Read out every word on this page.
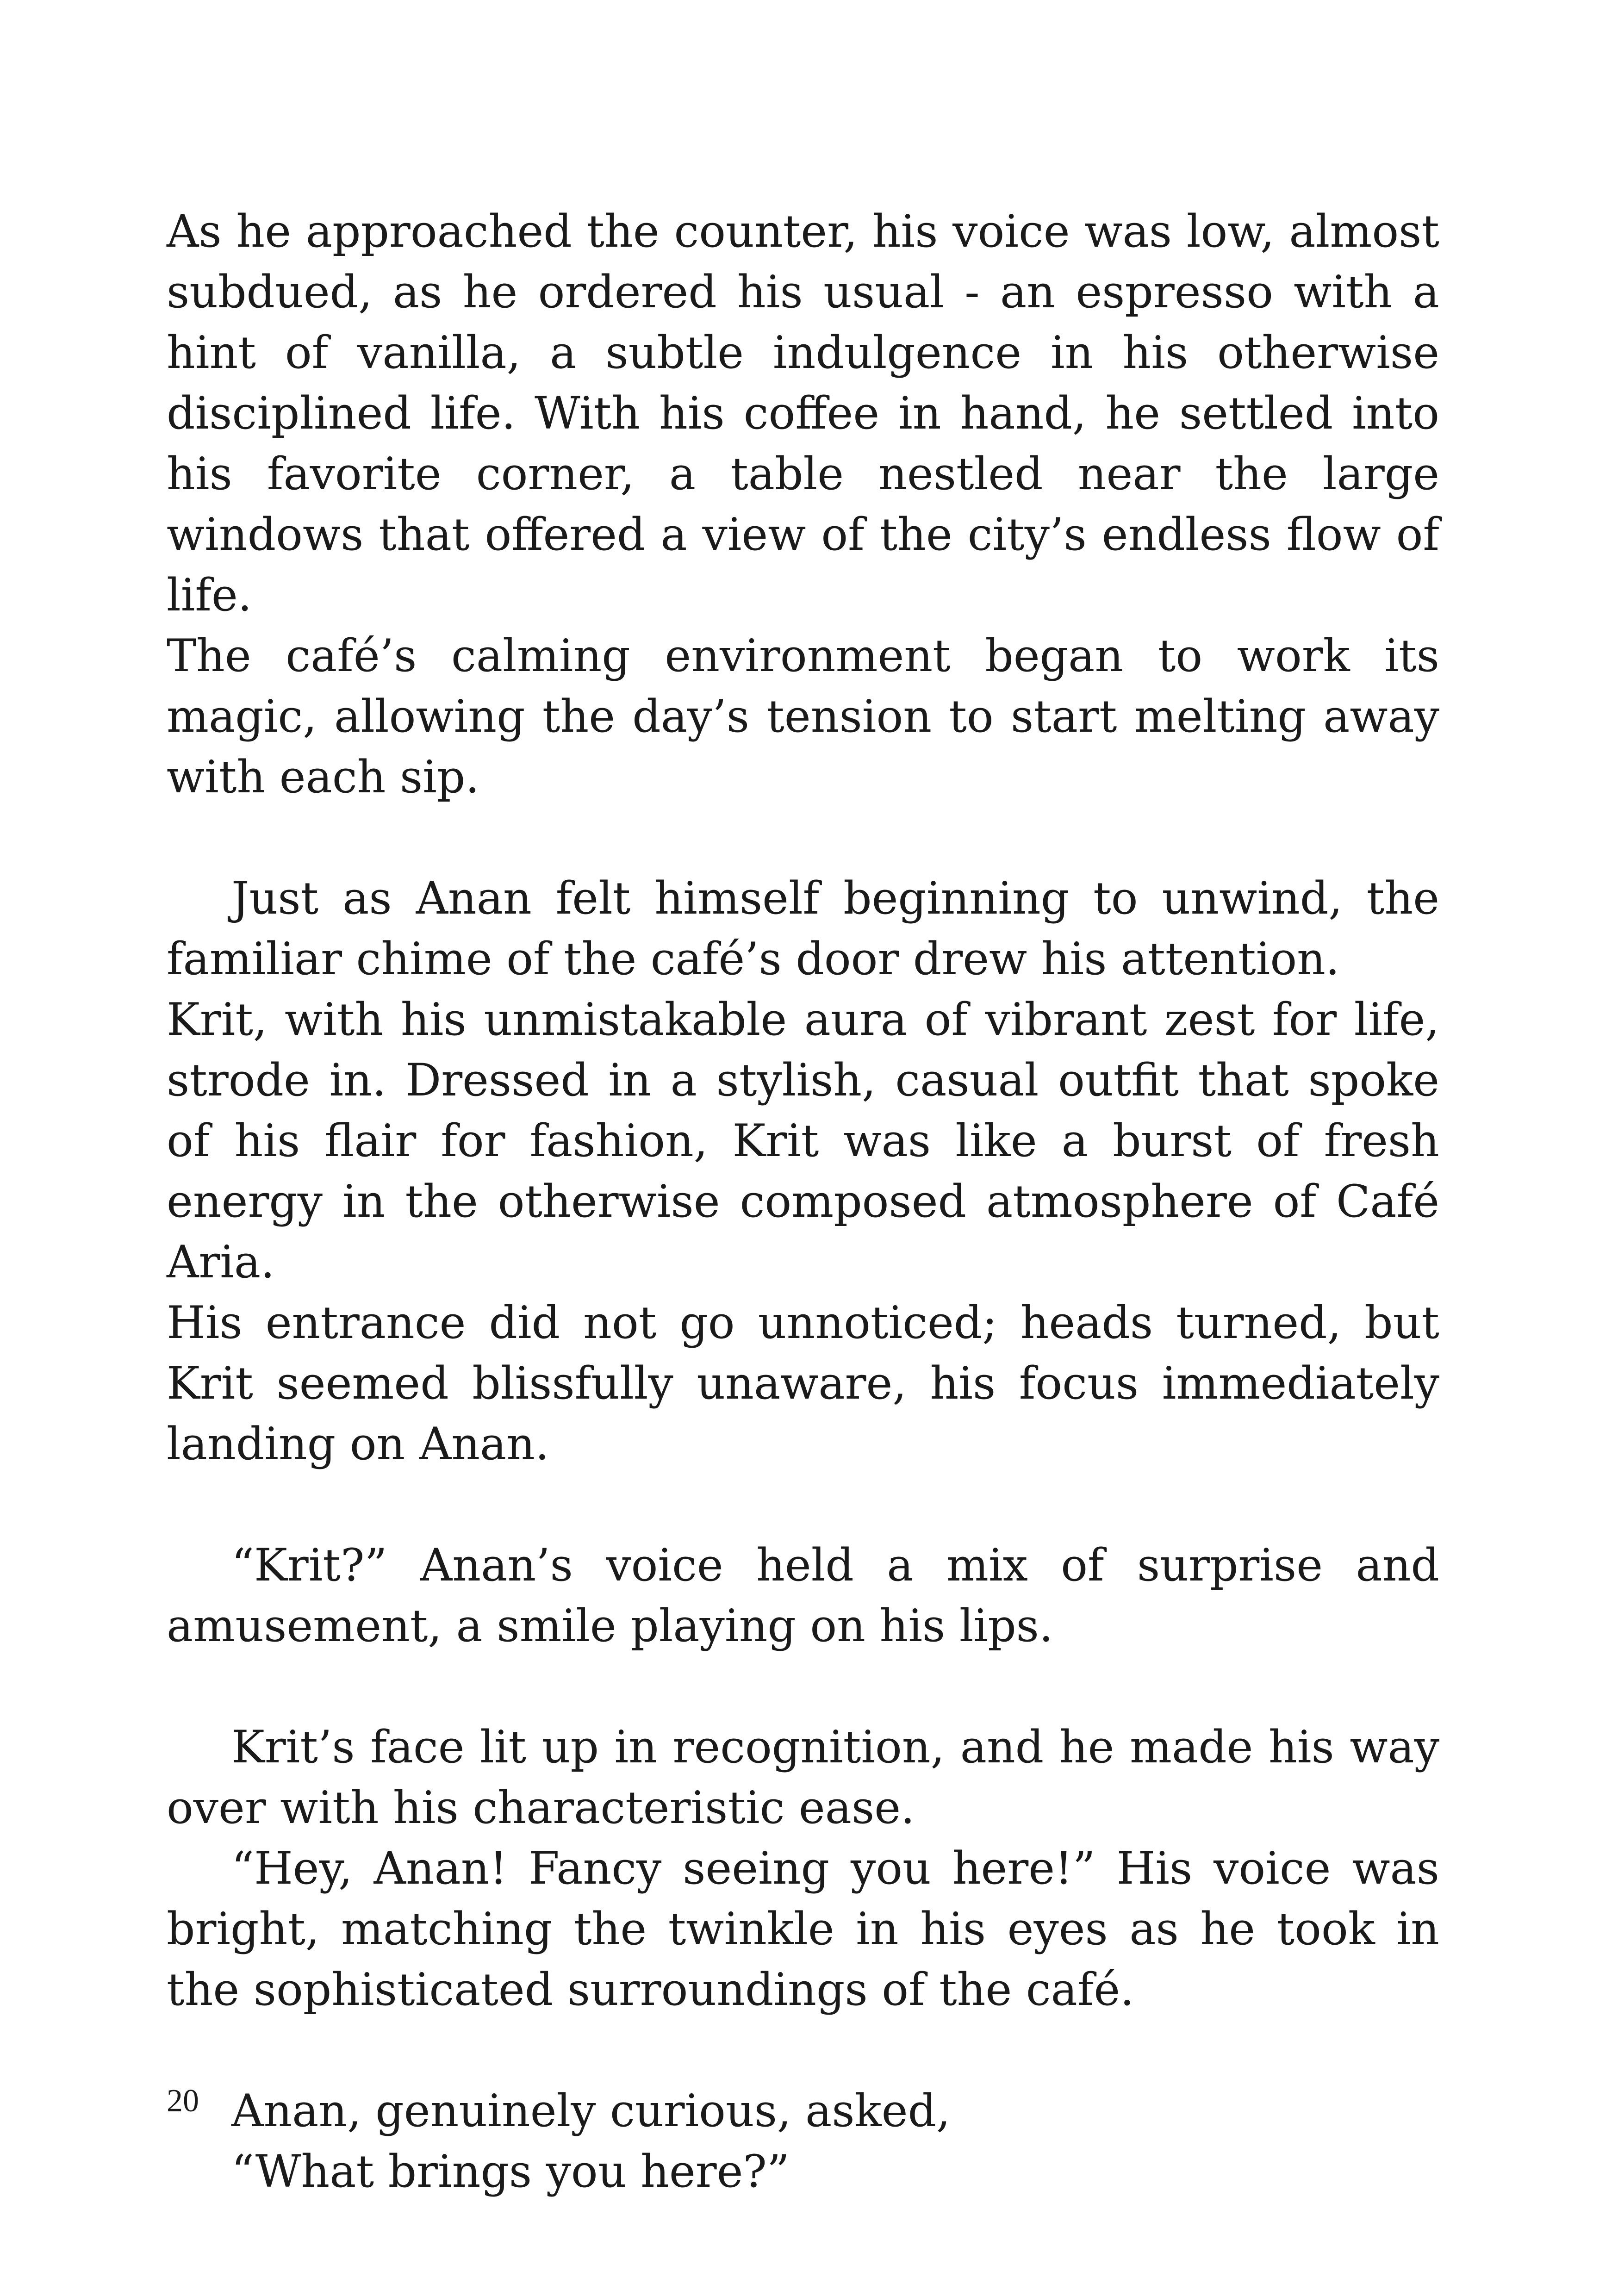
As he approached the counter, his voice was low, almost subdued, as he ordered his usual - an espresso with a hint of vanilla, a subtle indulgence in his otherwise disciplined life. With his coffee in hand, he settled into his favorite corner, a table nestled near the large windows that offered a view of the city’s endless flow of life.

The café’s calming environment began to work its magic, allowing the day’s tension to start melting away with each sip.

Just as Anan felt himself beginning to unwind, the familiar chime of the café’s door drew his attention.

Krit, with his unmistakable aura of vibrant zest for life, strode in. Dressed in a stylish, casual outfit that spoke of his flair for fashion, Krit was like a burst of fresh energy in the otherwise composed atmosphere of Café Aria.

His entrance did not go unnoticed; heads turned, but Krit seemed blissfully unaware, his focus immediately landing on Anan.

“Krit?” Anan’s voice held a mix of surprise and amusement, a smile playing on his lips.

Krit’s face lit up in recognition, and he made his way over with his characteristic ease.

“Hey, Anan! Fancy seeing you here!” His voice was bright, matching the twinkle in his eyes as he took in the sophisticated surroundings of the café.

Anan, genuinely curious, asked,

“What brings you here?”

20
